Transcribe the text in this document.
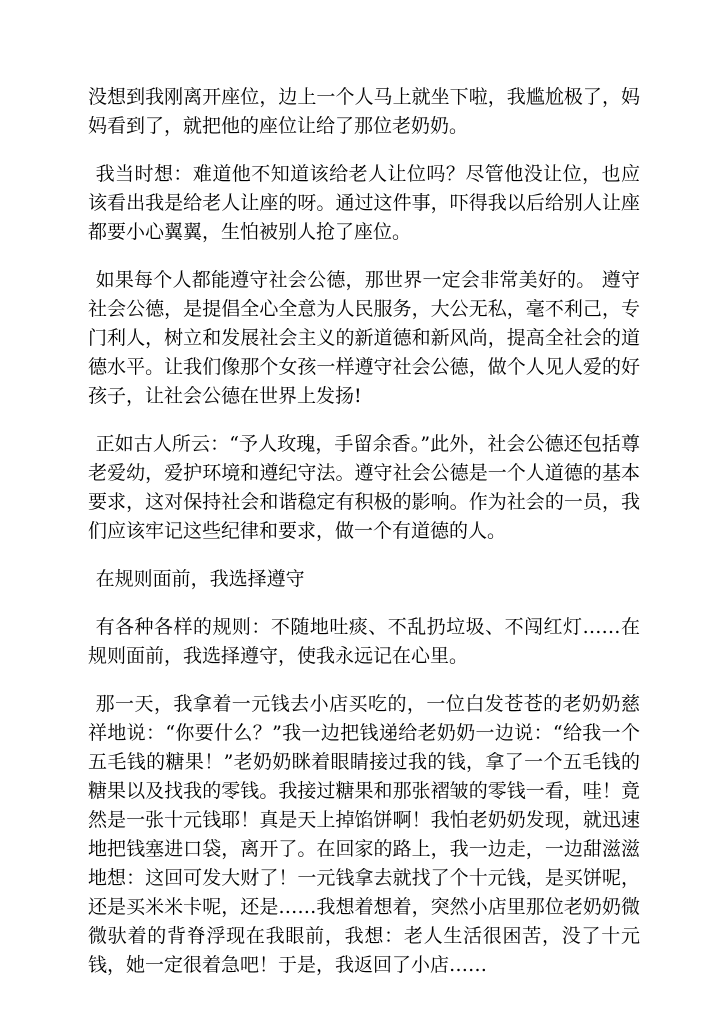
没想到我刚离开座位，边上一个人马上就坐下啦，我尴尬极了，妈妈看到了，就把他的座位让给了那位老奶奶。

我当时想：难道他不知道该给老人让位吗？尽管他没让位，也应该看出我是给老人让座的呀。通过这件事，吓得我以后给别人让座都要小心翼翼，生怕被别人抢了座位。

如果每个人都能遵守社会公德，那世界一定会非常美好的。 遵守社会公德，是提倡全心全意为人民服务，大公无私，毫不利己，专门利人，树立和发展社会主义的新道德和新风尚，提高全社会的道德水平。让我们像那个女孩一样遵守社会公德，做个人见人爱的好孩子，让社会公德在世界上发扬!

正如古人所云：“予人玫瑰，手留余香。”此外，社会公德还包括尊老爱幼，爱护环境和遵纪守法。遵守社会公德是一个人道德的基本要求，这对保持社会和谐稳定有积极的影响。作为社会的一员，我们应该牢记这些纪律和要求，做一个有道德的人。

在规则面前，我选择遵守

有各种各样的规则：不随地吐痰、不乱扔垃圾、不闯红灯……在规则面前，我选择遵守，使我永远记在心里。

那一天，我拿着一元钱去小店买吃的，一位白发苍苍的老奶奶慈祥地说：“你要什么？”我一边把钱递给老奶奶一边说：“给我一个五毛钱的糖果！”老奶奶眯着眼睛接过我的钱，拿了一个五毛钱的糖果以及找我的零钱。我接过糖果和那张褶皱的零钱一看，哇！竟然是一张十元钱耶！真是天上掉馅饼啊！我怕老奶奶发现，就迅速地把钱塞进口袋，离开了。在回家的路上，我一边走，一边甜滋滋地想：这回可发大财了！一元钱拿去就找了个十元钱，是买饼呢，还是买米米卡呢，还是……我想着想着，突然小店里那位老奶奶微微驮着的背脊浮现在我眼前，我想：老人生活很困苦，没了十元钱，她一定很着急吧！于是，我返回了小店……
